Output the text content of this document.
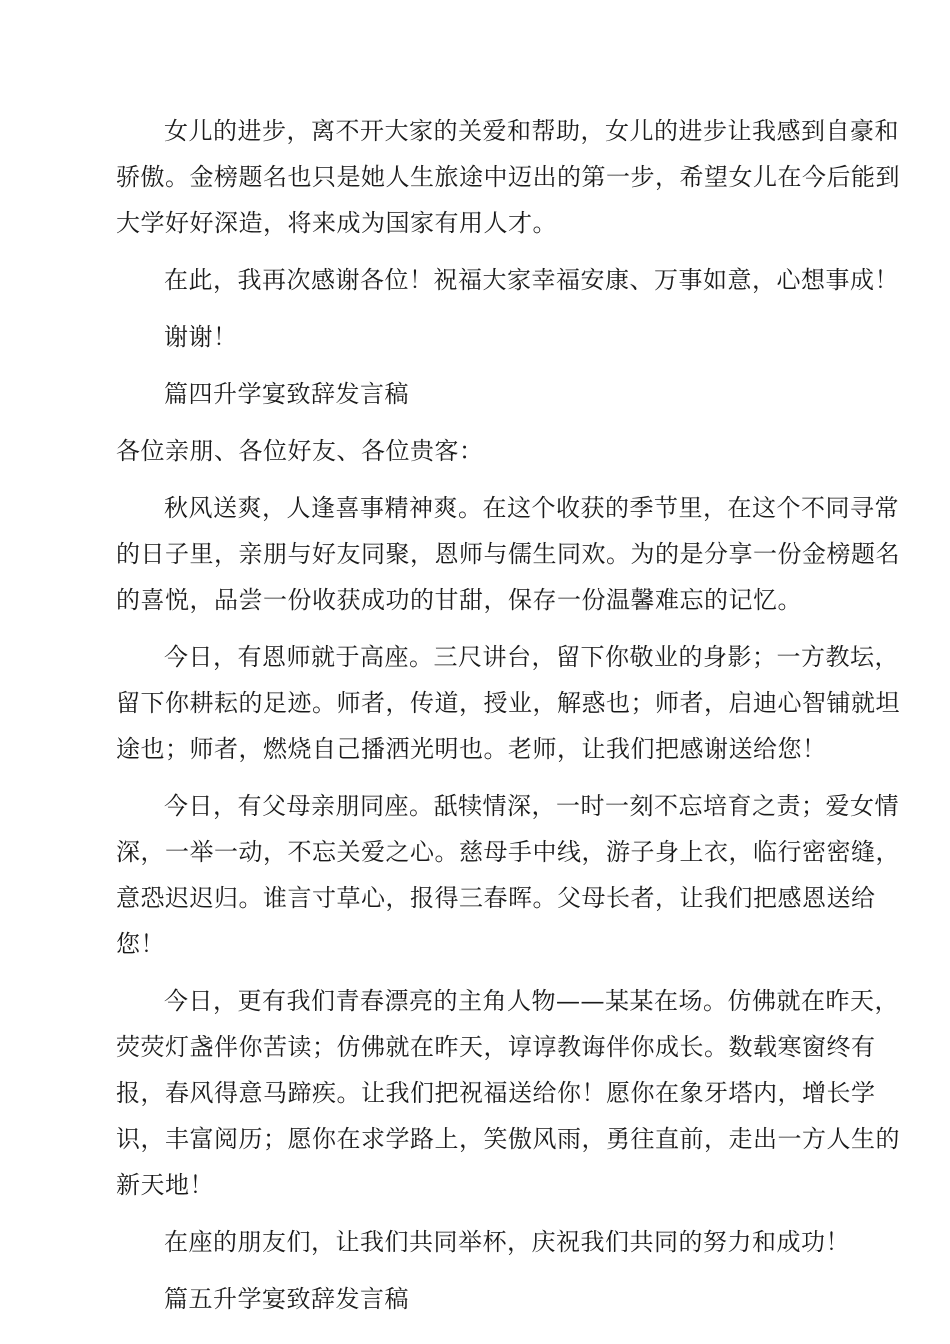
女儿的进步，离不开大家的关爱和帮助，女儿的进步让我感到自豪和
骄傲。金榜题名也只是她人生旅途中迈出的第一步，希望女儿在今后能到
大学好好深造，将来成为国家有用人才。

在此，我再次感谢各位！祝福大家幸福安康、万事如意，心想事成！

谢谢！

篇四升学宴致辞发言稿

各位亲朋、各位好友、各位贵客：

秋风送爽，人逢喜事精神爽。在这个收获的季节里，在这个不同寻常
的日子里，亲朋与好友同聚，恩师与儒生同欢。为的是分享一份金榜题名
的喜悦，品尝一份收获成功的甘甜，保存一份温馨难忘的记忆。

今日，有恩师就于高座。三尺讲台，留下你敬业的身影；一方教坛，
留下你耕耘的足迹。师者，传道，授业，解惑也；师者，启迪心智铺就坦
途也；师者，燃烧自己播洒光明也。老师，让我们把感谢送给您！

今日，有父母亲朋同座。舐犊情深，一时一刻不忘培育之责；爱女情
深，一举一动，不忘关爱之心。慈母手中线，游子身上衣，临行密密缝，
意恐迟迟归。谁言寸草心，报得三春晖。父母长者，让我们把感恩送给
您！

今日，更有我们青春漂亮的主角人物——某某在场。仿佛就在昨天，
荧荧灯盏伴你苦读；仿佛就在昨天，谆谆教诲伴你成长。数载寒窗终有
报，春风得意马蹄疾。让我们把祝福送给你！愿你在象牙塔内，增长学
识，丰富阅历；愿你在求学路上，笑傲风雨，勇往直前，走出一方人生的
新天地！

在座的朋友们，让我们共同举杯，庆祝我们共同的努力和成功！

篇五升学宴致辞发言稿
